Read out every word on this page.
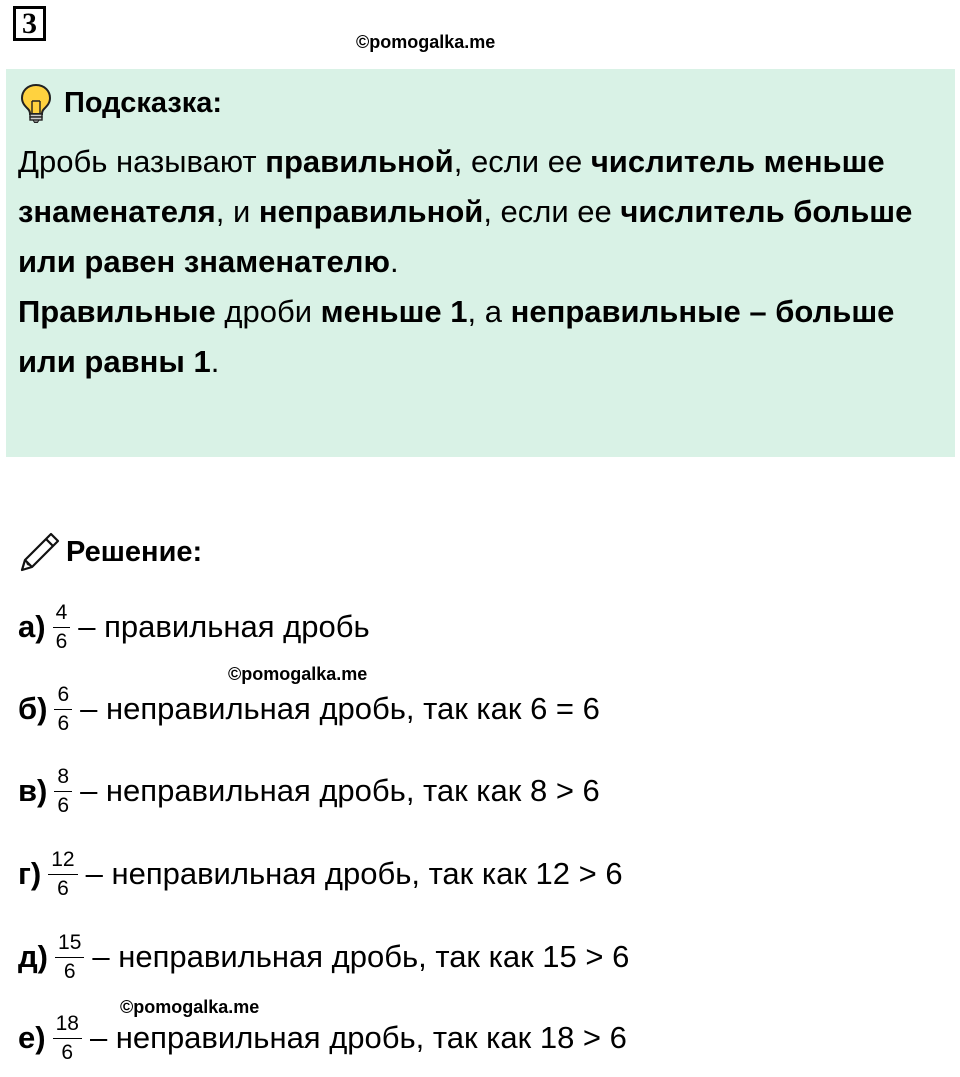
3
©pomogalka.me
Подсказка:
Дробь называют правильной, если ее числитель меньше знаменателя, и неправильной, если ее числитель больше или равен знаменателю.
Правильные дроби меньше 1, а неправильные – больше или равны 1.
Решение:
$а) \frac{4}{6}$ – правильная дробь
©pomogalka.me
$б) \frac{6}{6}$ – неправильная дробь, так как 6 = 6
$в) \frac{8}{6}$ – неправильная дробь, так как 8 > 6
$г) \frac{12}{6}$ – неправильная дробь, так как 12 > 6
$д) \frac{15}{6}$ – неправильная дробь, так как 15 > 6
©pomogalka.me
$е) \frac{18}{6}$ – неправильная дробь, так как 18 > 6
